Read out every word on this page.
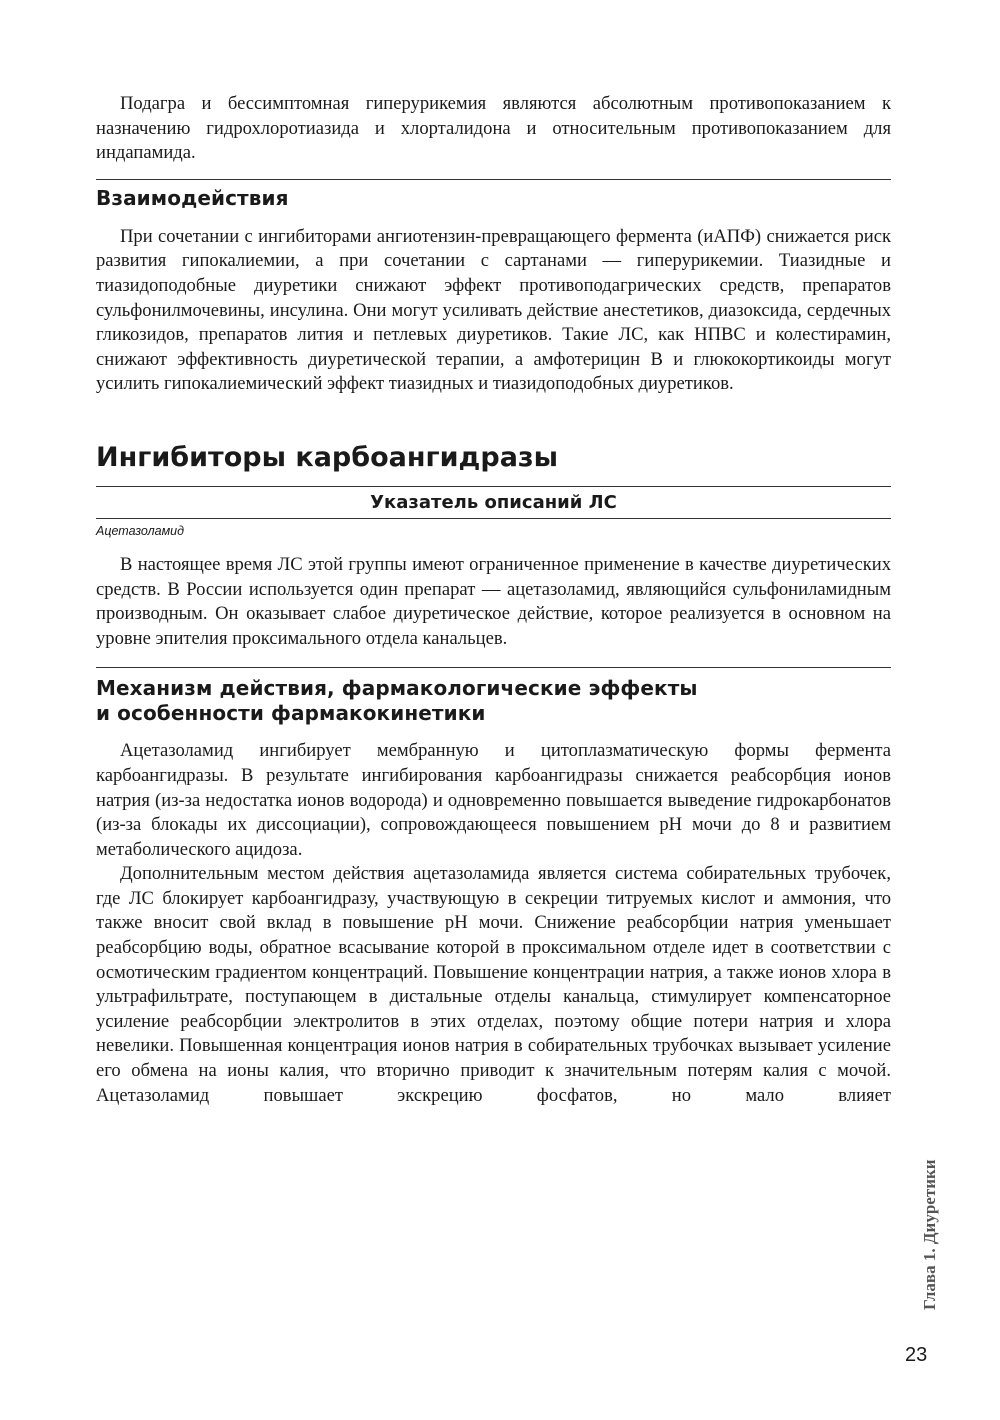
Подагра и бессимптомная гиперурикемия являются абсолютным противопоказанием к назначению гидрохлоротиазида и хлорталидона и относительным противопоказанием для индапамида.

Взаимодействия

При сочетании с ингибиторами ангиотензин-превращающего фермента (иАПФ) снижается риск развития гипокалиемии, а при сочетании с сартанами — гиперурикемии. Тиазидные и тиазидоподобные диуретики снижают эффект противоподагрических средств, препаратов сульфонилмочевины, инсулина. Они могут усиливать действие анестетиков, диазоксида, сердечных гликозидов, препаратов лития и петлевых диуретиков. Такие ЛС, как НПВС и колестирамин, снижают эффективность диуретической терапии, а амфотерицин B и глюкокортикоиды могут усилить гипокалиемический эффект тиазидных и тиазидоподобных диуретиков.

Ингибиторы карбоангидразы
Указатель описаний ЛС
Ацетазоламид

В настоящее время ЛС этой группы имеют ограниченное применение в качестве диуретических средств. В России используется один препарат — ацетазоламид, являющийся сульфониламидным производным. Он оказывает слабое диуретическое действие, которое реализуется в основном на уровне эпителия проксимального отдела канальцев.

Механизм действия, фармакологические эффекты
и особенности фармакокинетики

Ацетазоламид ингибирует мембранную и цитоплазматическую формы фермента карбоангидразы. В результате ингибирования карбоангидразы снижается реабсорбция ионов натрия (из-за недостатка ионов водорода) и одновременно повышается выведение гидрокарбонатов (из-за блокады их диссоциации), сопровождающееся повышением pH мочи до 8 и развитием метаболического ацидоза.

Дополнительным местом действия ацетазоламида является система собирательных трубочек, где ЛС блокирует карбоангидразу, участвующую в секреции титруемых кислот и аммония, что также вносит свой вклад в повышение pH мочи. Снижение реабсорбции натрия уменьшает реабсорбцию воды, обратное всасывание которой в проксимальном отделе идет в соответствии с осмотическим градиентом концентраций. Повышение концентрации натрия, а также ионов хлора в ультрафильтрате, поступающем в дистальные отделы канальца, стимулирует компенсаторное усиление реабсорбции электролитов в этих отделах, поэтому общие потери натрия и хлора невелики. Повышенная концентрация ионов натрия в собирательных трубочках вызывает усиление его обмена на ионы калия, что вторично приводит к значительным потерям калия с мочой. Ацетазоламид повышает экскрецию фосфатов, но мало влияет

Глава 1. Диуретики
23
